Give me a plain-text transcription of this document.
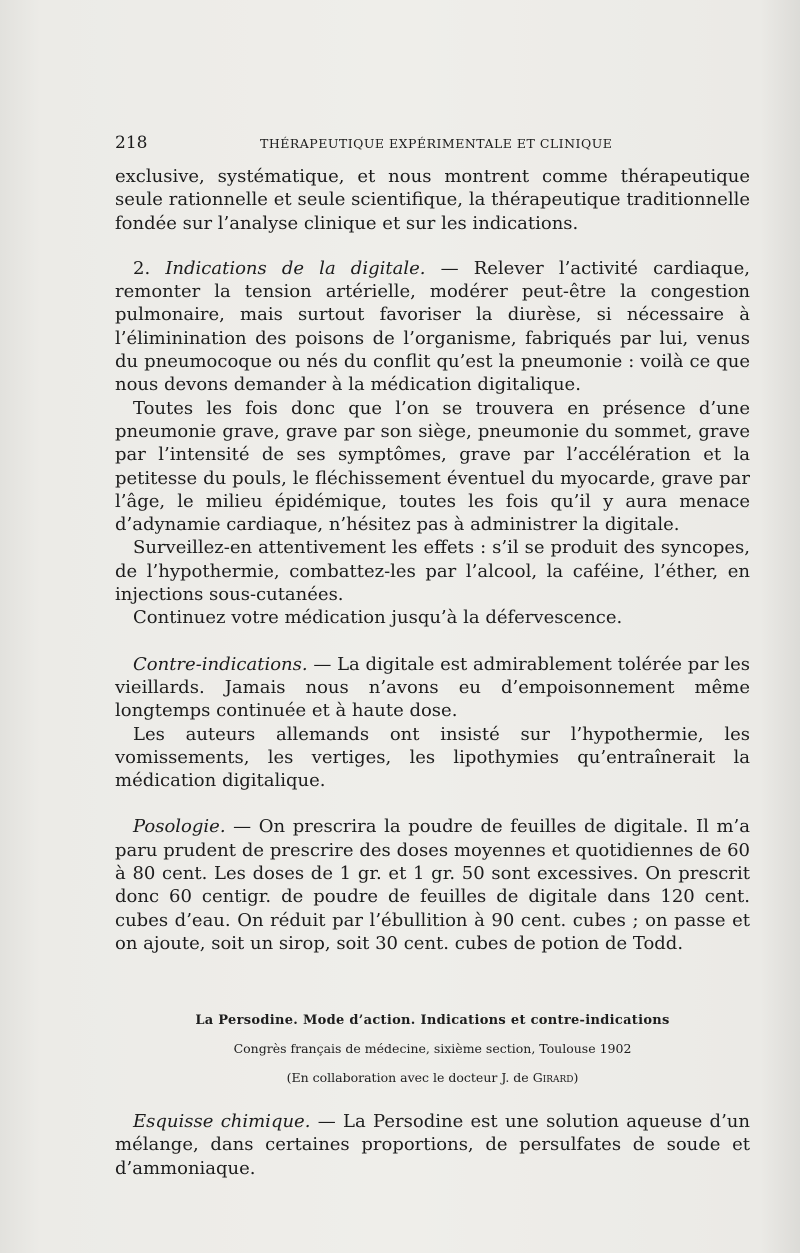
218	THÉRAPEUTIQUE EXPÉRIMENTALE ET CLINIQUE

exclusive, systématique, et nous montrent comme thérapeutique seule rationnelle et seule scientifique, la thérapeutique traditionnelle fondée sur l’analyse clinique et sur les indications.

2. Indications de la digitale. — Relever l’activité cardiaque, remonter la tension artérielle, modérer peut-être la congestion pulmonaire, mais surtout favoriser la diurèse, si nécessaire à l’éliminination des poisons de l’organisme, fabriqués par lui, venus du pneumocoque ou nés du conflit qu’est la pneumonie : voilà ce que nous devons demander à la médication digitalique.

Toutes les fois donc que l’on se trouvera en présence d’une pneumonie grave, grave par son siège, pneumonie du sommet, grave par l’intensité de ses symptômes, grave par l’accélération et la petitesse du pouls, le fléchissement éventuel du myocarde, grave par l’âge, le milieu épidémique, toutes les fois qu’il y aura menace d’adynamie cardiaque, n’hésitez pas à administrer la digitale.

Surveillez-en attentivement les effets : s’il se produit des syncopes, de l’hypothermie, combattez-les par l’alcool, la caféine, l’éther, en injections sous-cutanées.

Continuez votre médication jusqu’à la défervescence.

Contre-indications. — La digitale est admirablement tolérée par les vieillards. Jamais nous n’avons eu d’empoisonnement même longtemps continuée et à haute dose.

Les auteurs allemands ont insisté sur l’hypothermie, les vomissements, les vertiges, les lipothymies qu’entraînerait la médication digitalique.

Posologie. — On prescrira la poudre de feuilles de digitale. Il m’a paru prudent de prescrire des doses moyennes et quotidiennes de 60 à 80 cent. Les doses de 1 gr. et 1 gr. 50 sont excessives. On prescrit donc 60 centigr. de poudre de feuilles de digitale dans 120 cent. cubes d’eau. On réduit par l’ébullition à 90 cent. cubes ; on passe et on ajoute, soit un sirop, soit 30 cent. cubes de potion de Todd.

La Persodine. Mode d’action. Indications et contre-indications
Congrès français de médecine, sixième section, Toulouse 1902
(En collaboration avec le docteur J. de Girard)

Esquisse chimique. — La Persodine est une solution aqueuse d’un mélange, dans certaines proportions, de persulfates de soude et d’ammoniaque.
